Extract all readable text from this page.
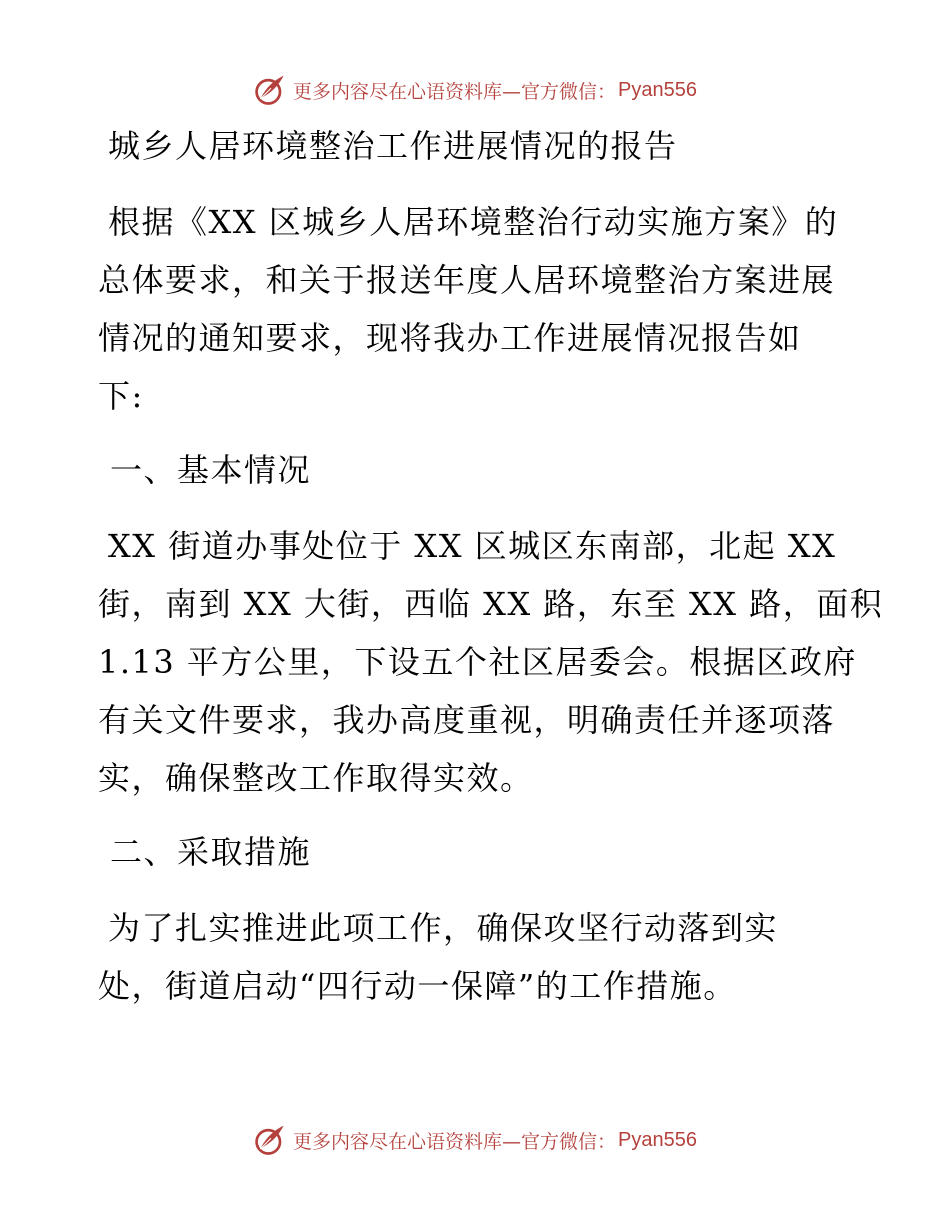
更多内容尽在心语资料库—官方微信： Pyan556
城乡人居环境整治工作进展情况的报告
根据《XX 区城乡人居环境整治行动实施方案》的
总体要求，和关于报送年度人居环境整治方案进展
情况的通知要求，现将我办工作进展情况报告如
下:
一、基本情况
XX 街道办事处位于 XX 区城区东南部，北起 XX
街，南到 XX 大街，西临 XX 路，东至 XX 路，面积
1.13 平方公里，下设五个社区居委会。根据区政府
有关文件要求，我办高度重视，明确责任并逐项落
实，确保整改工作取得实效。
二、采取措施
为了扎实推进此项工作，确保攻坚行动落到实
处，街道启动“四行动一保障”的工作措施。
更多内容尽在心语资料库—官方微信： Pyan556
